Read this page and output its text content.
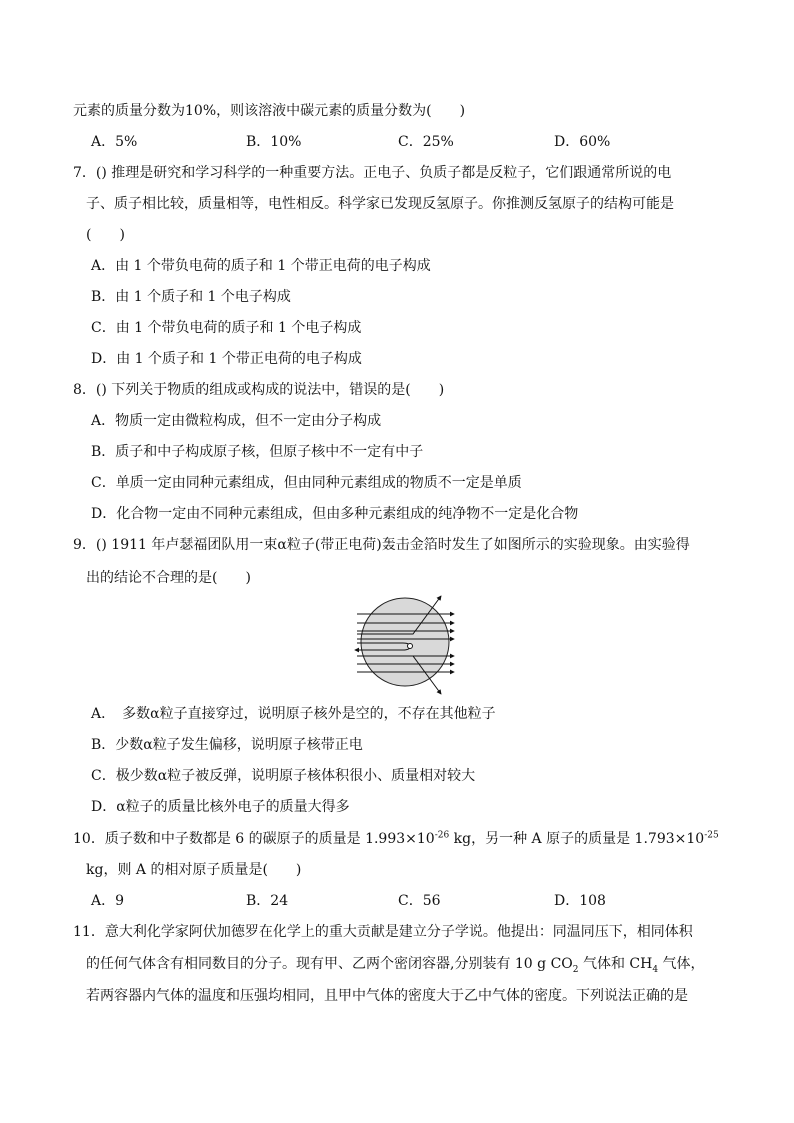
元素的质量分数为10%，则该溶液中碳元素的质量分数为(　　)
A．5%	B．10%	C．25%	D．60%
7．() 推理是研究和学习科学的一种重要方法。正电子、负质子都是反粒子，它们跟通常所说的电
子、质子相比较，质量相等，电性相反。科学家已发现反氢原子。你推测反氢原子的结构可能是
(　　)
A．由 1 个带负电荷的质子和 1 个带正电荷的电子构成
B．由 1 个质子和 1 个电子构成
C．由 1 个带负电荷的质子和 1 个电子构成
D．由 1 个质子和 1 个带正电荷的电子构成
8．() 下列关于物质的组成或构成的说法中，错误的是(　　)
A．物质一定由微粒构成，但不一定由分子构成
B．质子和中子构成原子核，但原子核中不一定有中子
C．单质一定由同种元素组成，但由同种元素组成的物质不一定是单质
D．化合物一定由不同种元素组成，但由多种元素组成的纯净物不一定是化合物
9．() 1911 年卢瑟福团队用一束α粒子(带正电荷)轰击金箔时发生了如图所示的实验现象。由实验得
出的结论不合理的是(　　)
A．　多数α粒子直接穿过，说明原子核外是空的，不存在其他粒子
B．少数α粒子发生偏移，说明原子核带正电
C．极少数α粒子被反弹，说明原子核体积很小、质量相对较大
D．α粒子的质量比核外电子的质量大得多
10．质子数和中子数都是 6 的碳原子的质量是 $1.993\times 10^{-26}$ kg，另一种 A 原子的质量是 $1.793\times 10^{-25}$
kg，则 A 的相对原子质量是(　　)
A．9	B．24	C．56	D．108
11．意大利化学家阿伏加德罗在化学上的重大贡献是建立分子学说。他提出：同温同压下，相同体积
的任何气体含有相同数目的分子。现有甲、乙两个密闭容器,分别装有 10 g $CO_2$ 气体和 $CH_4$ 气体，
若两容器内气体的温度和压强均相同，且甲中气体的密度大于乙中气体的密度。下列说法正确的是
